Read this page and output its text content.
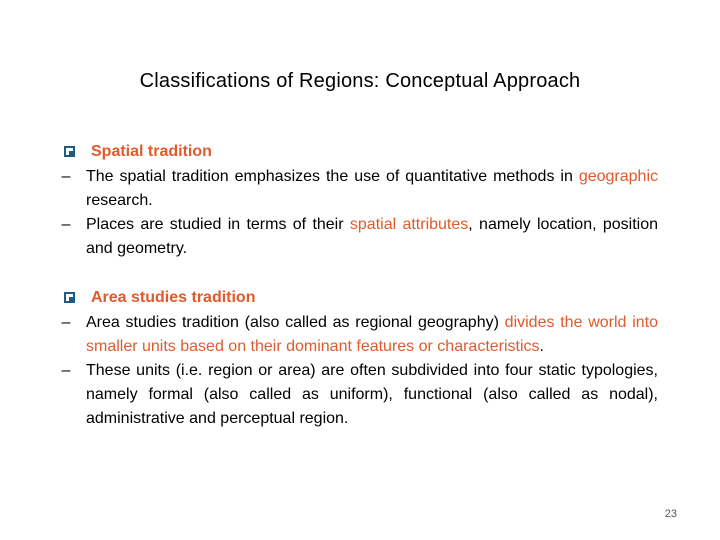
Classifications of Regions: Conceptual Approach
Spatial tradition
– The spatial tradition emphasizes the use of quantitative methods in geographic research.
– Places are studied in terms of their spatial attributes, namely location, position and geometry.
Area studies tradition
– Area studies tradition (also called as regional geography) divides the world into smaller units based on their dominant features or characteristics.
– These units (i.e. region or area) are often subdivided into four static typologies, namely formal (also called as uniform), functional (also called as nodal), administrative and perceptual region.
23
